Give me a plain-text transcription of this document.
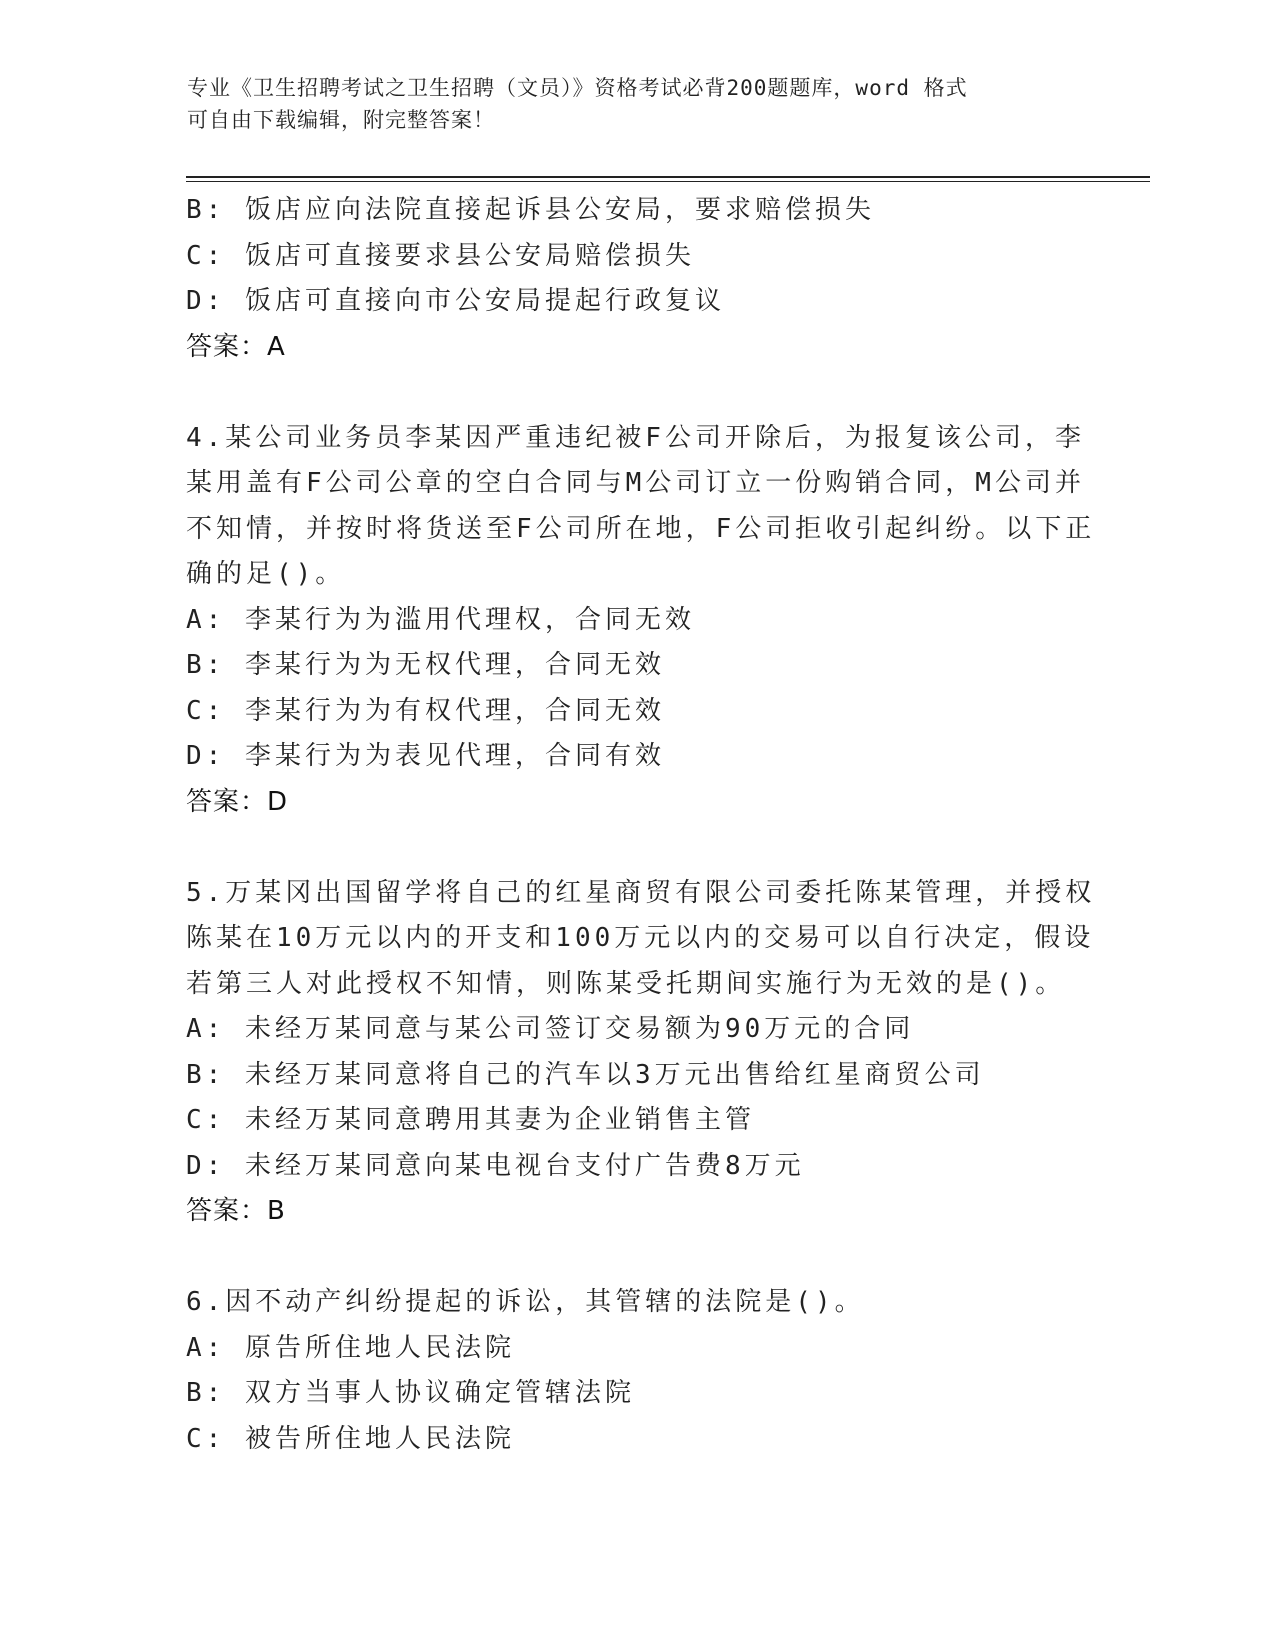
专业《卫生招聘考试之卫生招聘（文员）》资格考试必背200题题库，word 格式
可自由下载编辑，附完整答案！
B: 饭店应向法院直接起诉县公安局，要求赔偿损失
C: 饭店可直接要求县公安局赔偿损失
D: 饭店可直接向市公安局提起行政复议
答案：A
4.某公司业务员李某因严重违纪被F公司开除后，为报复该公司，李
某用盖有F公司公章的空白合同与M公司订立一份购销合同，M公司并
不知情，并按时将货送至F公司所在地，F公司拒收引起纠纷。以下正
确的足()。
A: 李某行为为滥用代理权，合同无效
B: 李某行为为无权代理，合同无效
C: 李某行为为有权代理，合同无效
D: 李某行为为表见代理，合同有效
答案：D
5.万某冈出国留学将自己的红星商贸有限公司委托陈某管理，并授权
陈某在10万元以内的开支和100万元以内的交易可以自行决定，假设
若第三人对此授权不知情，则陈某受托期间实施行为无效的是()。
A: 未经万某同意与某公司签订交易额为90万元的合同
B: 未经万某同意将自己的汽车以3万元出售给红星商贸公司
C: 未经万某同意聘用其妻为企业销售主管
D: 未经万某同意向某电视台支付广告费8万元
答案：B
6.因不动产纠纷提起的诉讼，其管辖的法院是()。
A: 原告所住地人民法院
B: 双方当事人协议确定管辖法院
C: 被告所住地人民法院
